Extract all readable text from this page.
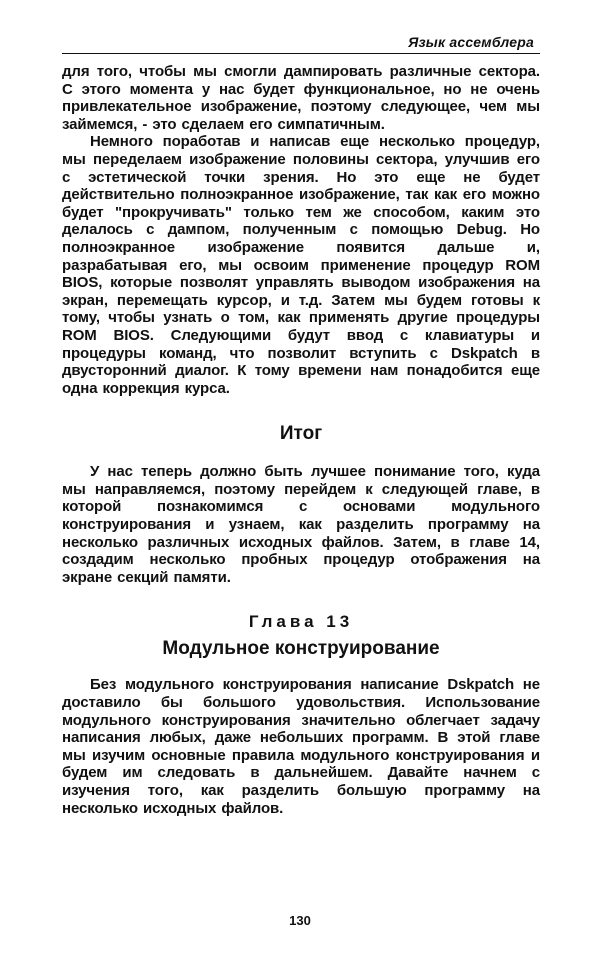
Язык ассемблера

для того, чтобы мы смогли дампировать различные сектора. С этого момента у нас будет функциональное, но не очень привлекательное изображение, поэтому следующее, чем мы займемся, - это сделаем его симпатичным.

Немного поработав и написав еще несколько процедур, мы переделаем изображение половины сектора, улучшив его с эстетической точки зрения. Но это еще не будет действительно полноэкранное изображение, так как его можно будет "прокручивать" только тем же способом, каким это делалось с дампом, полученным с помощью Debug. Но полноэкранное изображение появится дальше и, разрабатывая его, мы освоим применение процедур ROM BIOS, которые позволят управлять выводом изображения на экран, перемещать курсор, и т.д. Затем мы будем готовы к тому, чтобы узнать о том, как применять другие процедуры ROM BIOS. Следующими будут ввод с клавиатуры и процедуры команд, что позволит вступить с Dskpatch в двусторонний диалог. К тому времени нам понадобится еще одна коррекция курса.

Итог

У нас теперь должно быть лучшее понимание того, куда мы направляемся, поэтому перейдем к следующей главе, в которой познакомимся с основами модульного конструирования и узнаем, как разделить программу на несколько различных исходных файлов. Затем, в главе 14, создадим несколько пробных процедур отображения на экране секций памяти.

Глава 13
Модульное конструирование

Без модульного конструирования написание Dskpatch не доставило бы большого удовольствия. Использование модульного конструирования значительно облегчает задачу написания любых, даже небольших программ. В этой главе мы изучим основные правила модульного конструирования и будем им следовать в дальнейшем. Давайте начнем с изучения того, как разделить большую программу на несколько исходных файлов.

130
